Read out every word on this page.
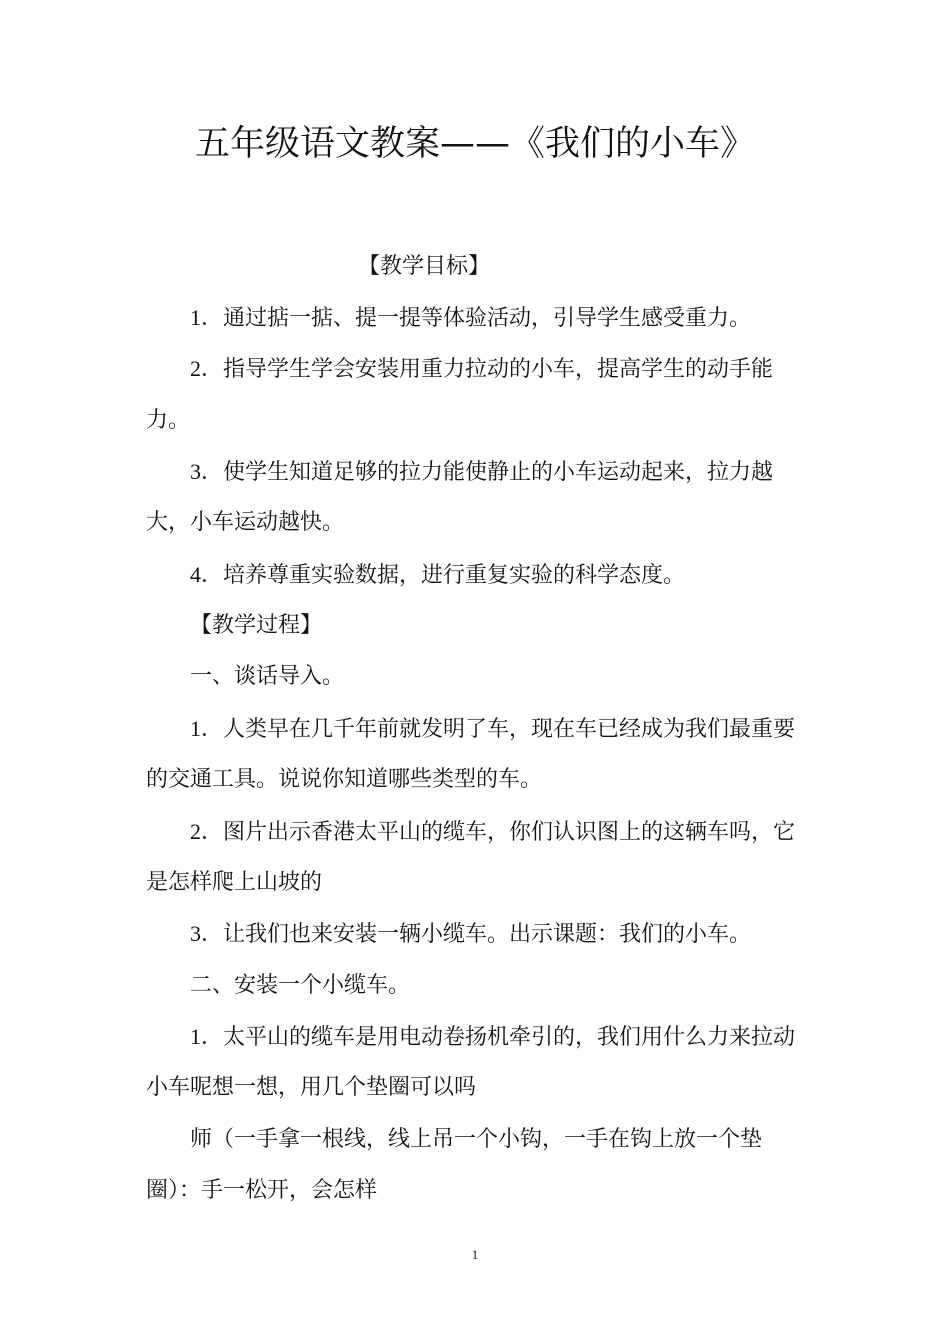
五年级语文教案——《我们的小车》

【教学目标】

1．通过掂一掂、提一提等体验活动，引导学生感受重力。

2．指导学生学会安装用重力拉动的小车，提高学生的动手能

力。

3．使学生知道足够的拉力能使静止的小车运动起来，拉力越

大，小车运动越快。

4．培养尊重实验数据，进行重复实验的科学态度。

【教学过程】

一、谈话导入。

1．人类早在几千年前就发明了车，现在车已经成为我们最重要

的交通工具。说说你知道哪些类型的车。

2．图片出示香港太平山的缆车，你们认识图上的这辆车吗，它

是怎样爬上山坡的

3．让我们也来安装一辆小缆车。出示课题：我们的小车。

二、安装一个小缆车。

1．太平山的缆车是用电动卷扬机牵引的，我们用什么力来拉动

小车呢想一想，用几个垫圈可以吗

师（一手拿一根线，线上吊一个小钩，一手在钩上放一个垫

圈）：手一松开，会怎样

1
